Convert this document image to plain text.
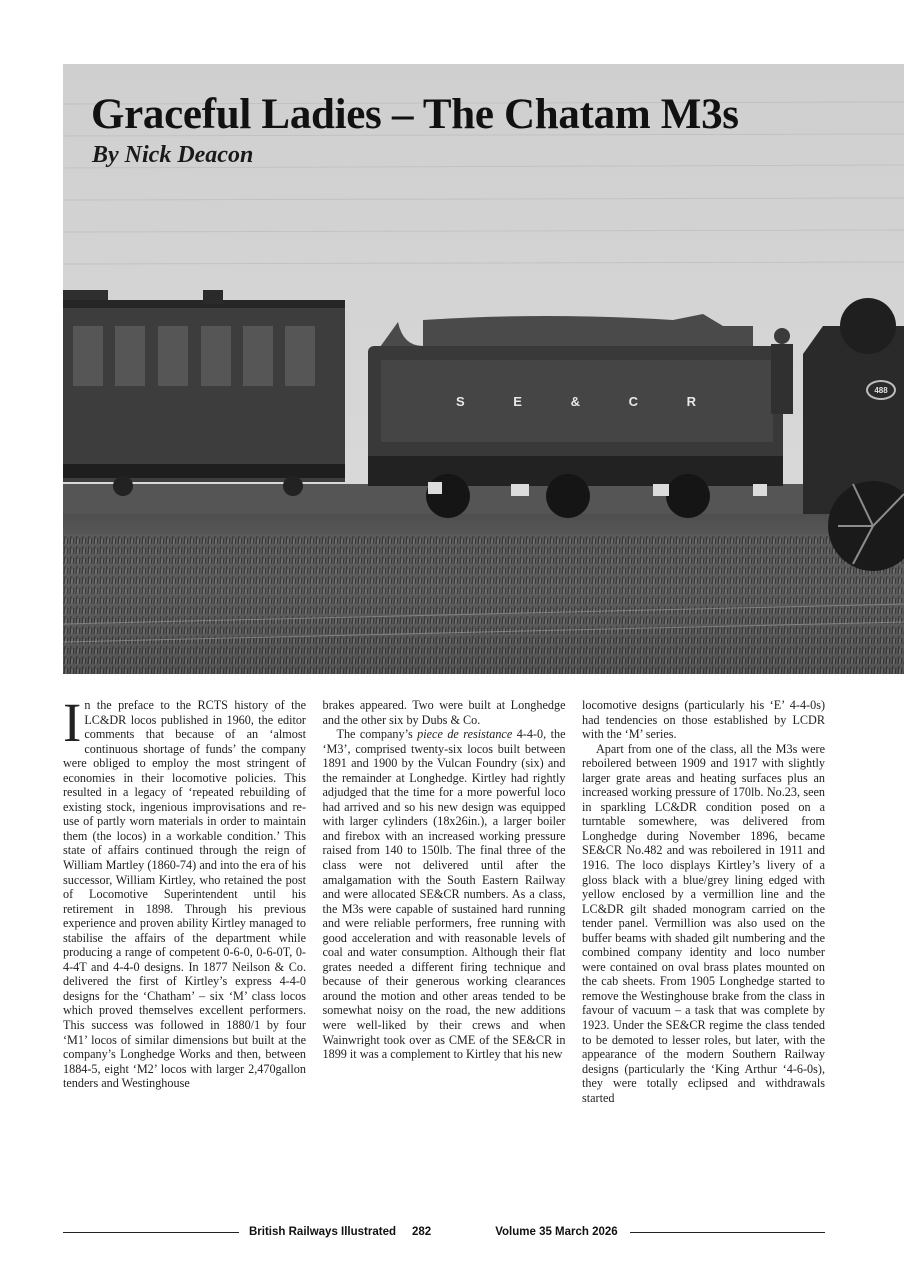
Graceful Ladies – The Chatam M3s
By Nick Deacon
S	E	&	C	R
488
I n the preface to the RCTS history of the LC&DR locos published in 1960, the editor comments that because of an ‘almost continuous shortage of funds’ the company were obliged to employ the most stringent of economies in their locomotive policies. This resulted in a legacy of ‘repeated rebuilding of existing stock, ingenious improvisations and re-use of partly worn materials in order to maintain them (the locos) in a workable condition.’ This state of affairs continued through the reign of William Martley (1860-74) and into the era of his successor, William Kirtley, who retained the post of Locomotive Superintendent until his retirement in 1898. Through his previous experience and proven ability Kirtley managed to stabilise the affairs of the department while producing a range of competent 0-6-0, 0-6-0T, 0-4-4T and 4-4-0 designs. In 1877 Neilson & Co. delivered the first of Kirtley’s express 4-4-0 designs for the ‘Chatham’ – six ‘M’ class locos which proved themselves excellent performers. This success was followed in 1880/1 by four ‘M1’ locos of similar dimensions but built at the company’s Longhedge Works and then, between 1884-5, eight ‘M2’ locos with larger 2,470gallon tenders and Westinghouse

brakes appeared. Two were built at Longhedge and the other six by Dubs & Co.

The company’s piece de resistance 4-4-0, the ‘M3’, comprised twenty-six locos built between 1891 and 1900 by the Vulcan Foundry (six) and the remainder at Longhedge. Kirtley had rightly adjudged that the time for a more powerful loco had arrived and so his new design was equipped with larger cylinders (18x26in.), a larger boiler and firebox with an increased working pressure raised from 140 to 150lb. The final three of the class were not delivered until after the amalgamation with the South Eastern Railway and were allocated SE&CR numbers. As a class, the M3s were capable of sustained hard running and were reliable performers, free running with good acceleration and with reasonable levels of coal and water consumption. Although their flat grates needed a different firing technique and because of their generous working clearances around the motion and other areas tended to be somewhat noisy on the road, the new additions were well-liked by their crews and when Wainwright took over as CME of the SE&CR in 1899 it was a complement to Kirtley that his new

locomotive designs (particularly his ‘E’ 4-4-0s) had tendencies on those established by LCDR with the ‘M’ series.

Apart from one of the class, all the M3s were reboilered between 1909 and 1917 with slightly larger grate areas and heating surfaces plus an increased working pressure of 170lb. No.23, seen in sparkling LC&DR condition posed on a turntable somewhere, was delivered from Longhedge during November 1896, became SE&CR No.482 and was reboilered in 1911 and 1916. The loco displays Kirtley’s livery of a gloss black with a blue/grey lining edged with yellow enclosed by a vermillion line and the LC&DR gilt shaded monogram carried on the tender panel. Vermillion was also used on the buffer beams with shaded gilt numbering and the combined company identity and loco number were contained on oval brass plates mounted on the cab sheets. From 1905 Longhedge started to remove the Westinghouse brake from the class in favour of vacuum – a task that was complete by 1923. Under the SE&CR regime the class tended to be demoted to lesser roles, but later, with the appearance of the modern Southern Railway designs (particularly the ‘King Arthur ‘4-6-0s), they were totally eclipsed and withdrawals started

British Railways Illustrated 282	Volume 35 March 2026
